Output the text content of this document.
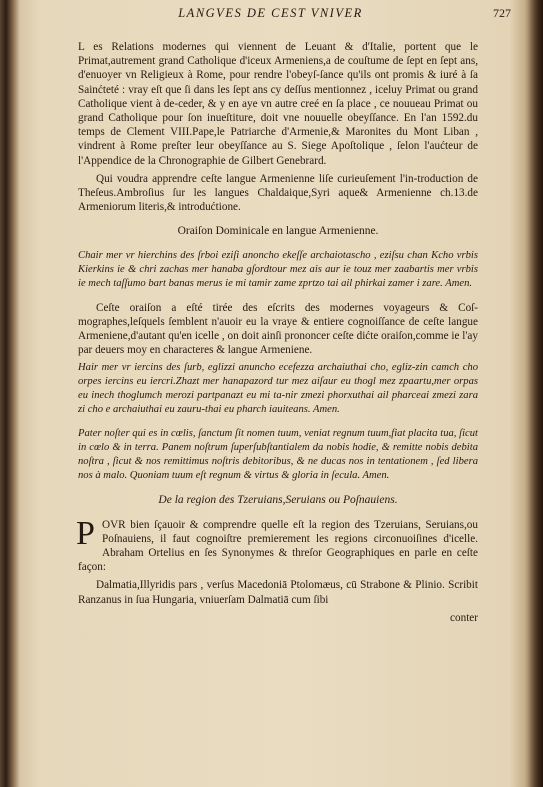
LANGVES DE CEST VNIVER	727

L es Relations modernes qui viennent de Leuant & d'Italie, portent que le Primat,autrement grand Catholique d'iceux Armeniens,a de couſtume de ſept en ſept ans, d'enuoyer vn Religieux à Rome, pour rendre l'obeyſ-ſance qu'ils ont promis & iuré à ſa Sainćteté : vray eſt que ſi dans les ſept ans cy deſſus mentionnez , iceluy Primat ou grand Catholique vient à de-ceder, & y en aye vn autre creé en ſa place , ce nouueau Primat ou grand Catholique pour ſon inueſtiture, doit vne nouuelle obeyſſance. En l'an 1592.du temps de Clement VIII.Pape,le Patriarche d'Armenie,& Maronites du Mont Liban , vindrent à Rome preſter leur obeyſſance au S. Siege Apoſtolique , ſelon l'aućteur de l'Appendice de la Chronographie de Gilbert Genebrard.

Qui voudra apprendre ceſte langue Armenienne liſe curieuſement l'in-troduction de Theſeus.Ambroſius ſur les langues Chaldaique,Syri aque& Armenienne ch.13.de Armeniorum literis,& introdućtione.

Oraiſon Dominicale en langue Armenienne.

Chair mer vr hierchins des ſrboi eziſi anoncho ekeſſe archaiotascho , eziſsu chan Kcho vrbis Kierkins ie & chri zachas mer hanaba gſordtour mez ais aur ie touz mer zaabartis mer vrbis ie mech taſſumo bart banas merus ie mi tamir zame zprtzo tai ail phirkai zamer i zare. Amen.

Ceſte oraiſon a eſté tirée des eſcrits des modernes voyageurs & Coſ-mographes,leſquels ſemblent n'auoir eu la vraye & entiere cognoiſſance de ceſte langue Armeniene,d'autant qu'en icelle , on doit ainſi prononcer ceſte dićte oraiſon,comme ie l'ay par deuers moy en characteres & langue Armeniene.

Hair mer vr iercins des ſurb, eglizzi anuncho ecefezza archaiuthai cho, egliz-zin camch cho orpes iercins eu iercri.Zhazt mer hanapazord tur mez aiſaur eu thogl mez zpaartu,mer orpas eu inech thoglumch merozi partpanazt eu mi ta-nir zmezi phorxuthai ail pharceai zmezi zara zi cho e archaiuthai eu zauru-thai eu pharch iauiteans. Amen.

Pater noſter qui es in cœlis, ſanctum ſit nomen tuum, veniat regnum tuum,fiat placita tua, ſicut in cœlo & in terra. Panem noſtrum ſuperſubſtantialem da nobis hodie, & remitte nobis debita noſtra , ſicut & nos remittimus noſtris debitoribus, & ne ducas nos in tentationem , ſed libera nos à malo. Quoniam tuum eſt regnum & virtus & gloria in ſecula. Amen.

De la region des Tzeruians,Seruians ou Poſnauiens.

POVR bien ſçauoir & comprendre quelle eſt la region des Tzeruians, Seruians,ou Poſnauiens, il faut cognoiſtre premierement les regions circonuoiſines d'icelle. Abraham Ortelius en ſes Synonymes & threſor Geographiques en parle en ceſte façon:

Dalmatia,Illyridis pars , verſus Macedoniā Ptolomæus, cū Strabone & Plinio. Scribit Ranzanus in ſua Hungaria, vniuerſam Dalmatiā cum ſibi

conter
